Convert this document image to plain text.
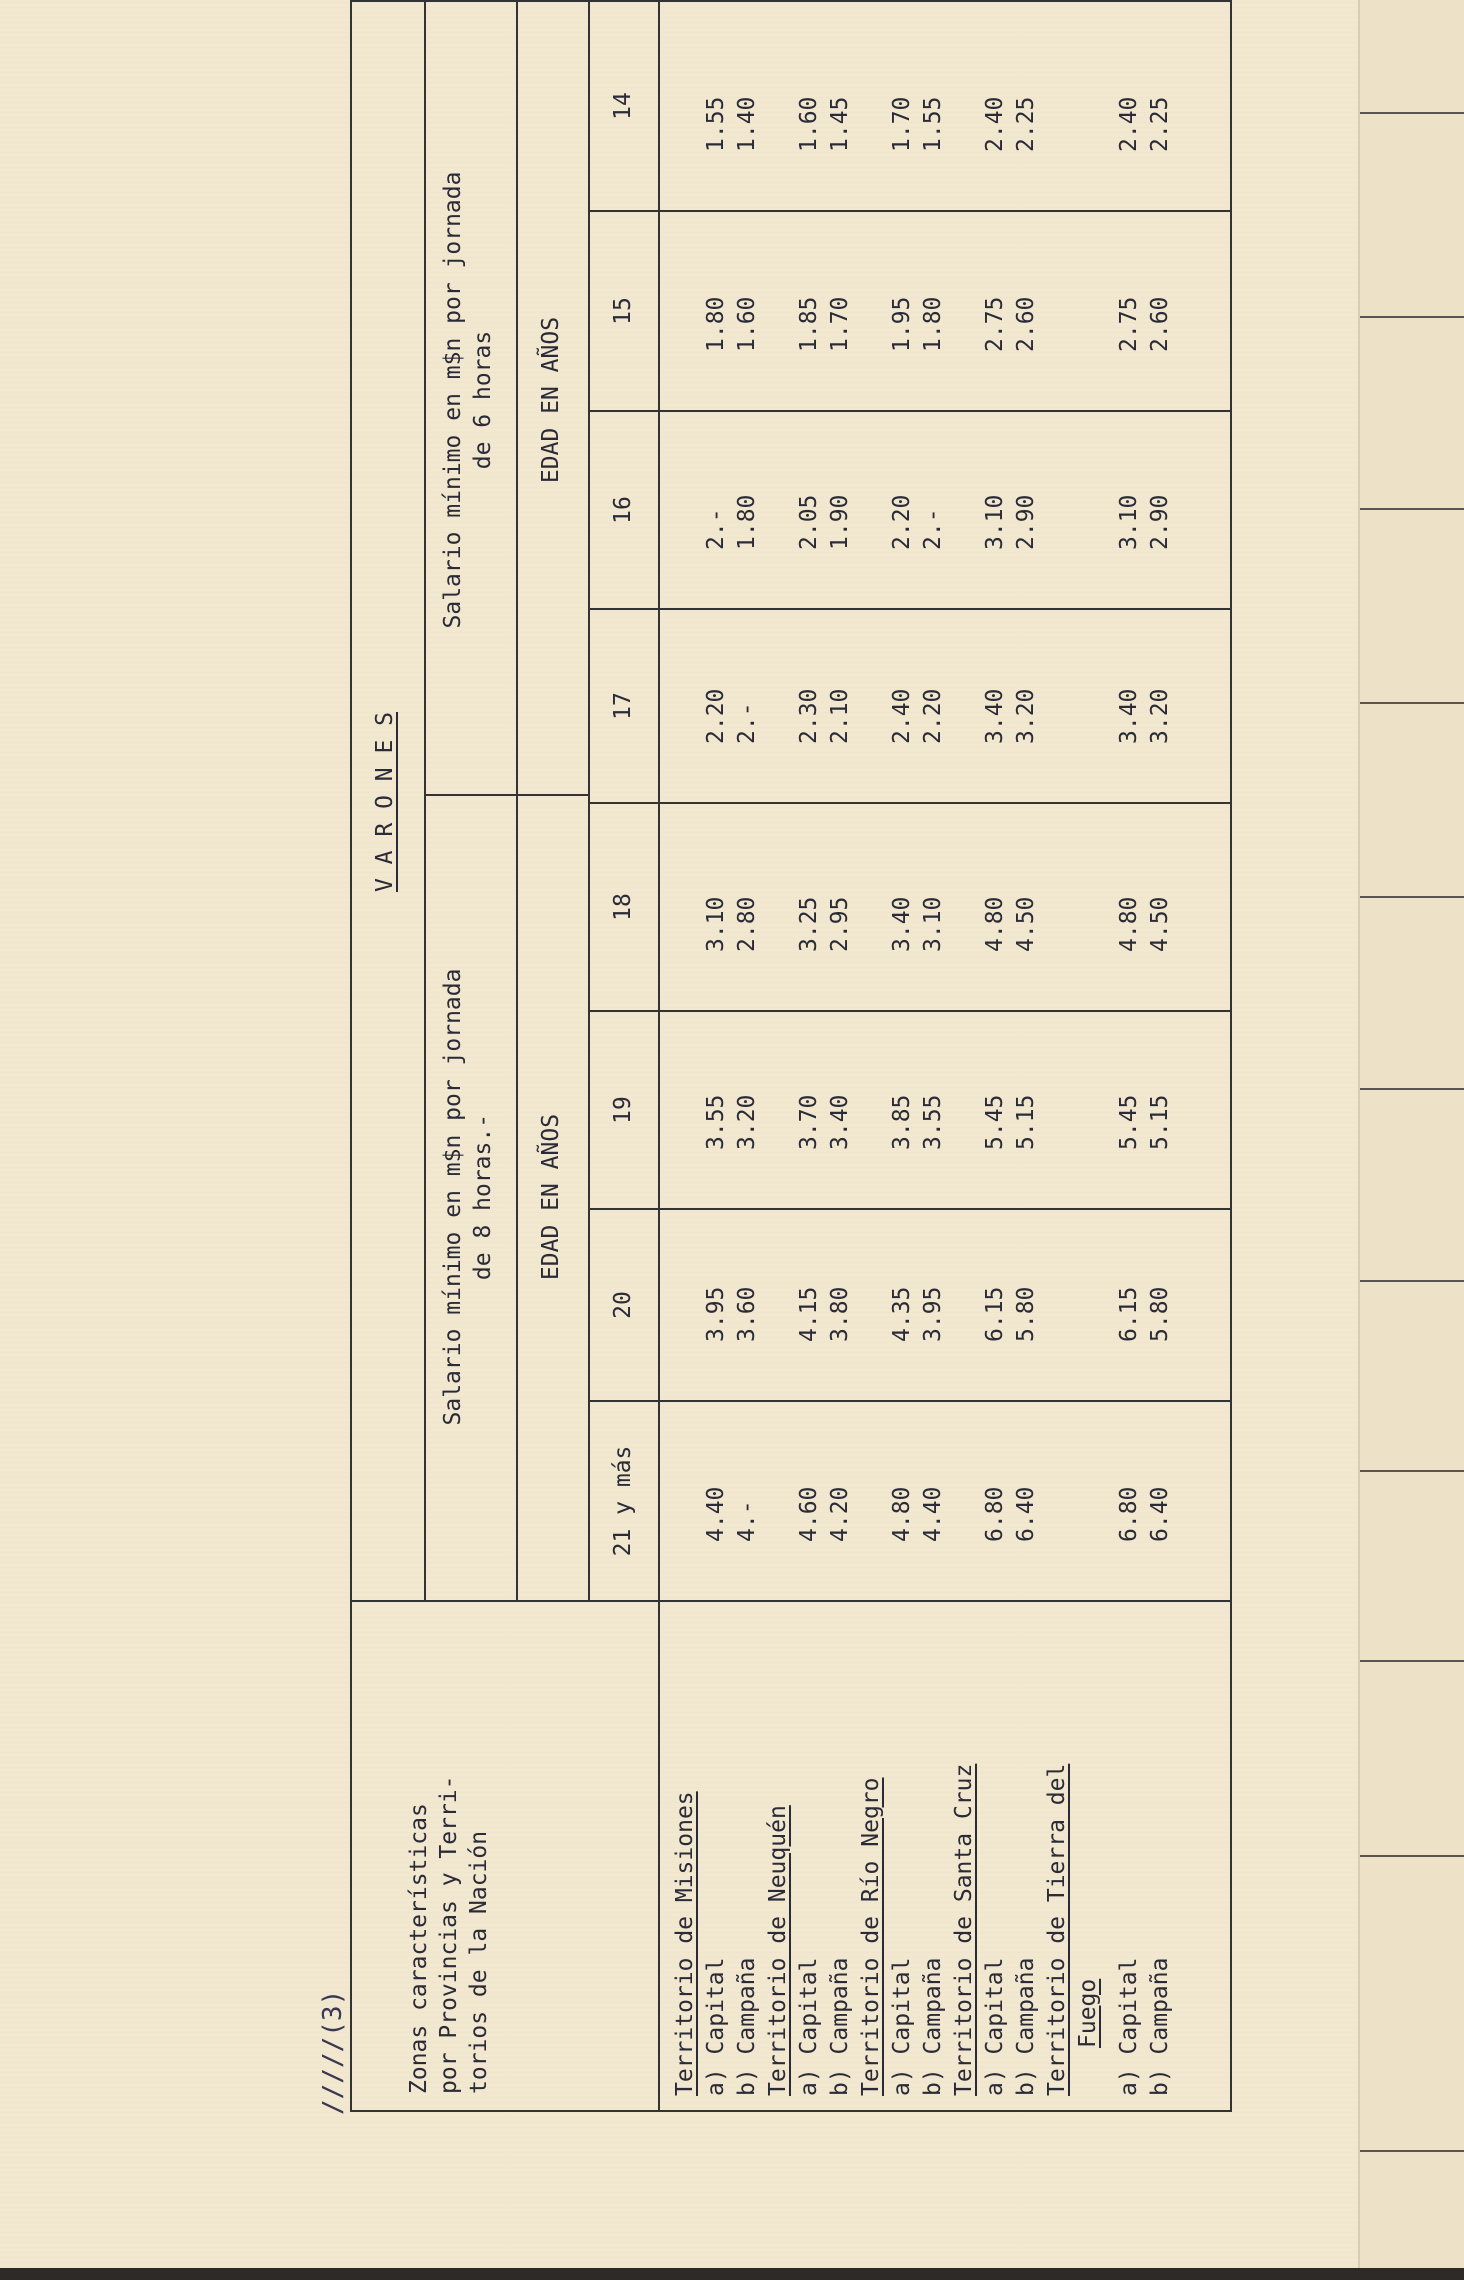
/////(3)	Zonas características por Provincias y Terri- torios de la Nación
V A R O N E S
Salario mínimo en m$n por jornada de 8 horas.-
Salario mínimo en m$n por jornada de 6 horas
EDAD EN AÑOS
EDAD EN AÑOS
21 y más
20
19
18
17
16
15
14
Territorio de Misiones a) Capital
4.40
3.95
3.55
3.10
2.20
2.-
1.80
1.55
b) Campaña
4.-
3.60
3.20
2.80
2.-
1.80
1.60
1.40
Territorio de Neuquén a) Capital
4.60
4.15
3.70
3.25
2.30
2.05
1.85
1.60
b) Campaña
4.20
3.80
3.40
2.95
2.10
1.90
1.70
1.45
Territorio de Río Negro a) Capital
4.80
4.35
3.85
3.40
2.40
2.20
1.95
1.70
b) Campaña
4.40
3.95
3.55
3.10
2.20
2.-
1.80
1.55
Territorio de Santa Cruz a) Capital
6.80
6.15
5.45
4.80
3.40
3.10
2.75
2.40
b) Campaña
6.40
5.80
5.15
4.50
3.20
2.90
2.60
2.25
Territorio de Tierra del Fuego a) Capital
6.80
6.15
5.45
4.80
3.40
3.10
2.75
2.40
b) Campaña
6.40
5.80
5.15
4.50
3.20
2.90
2.60
2.25
